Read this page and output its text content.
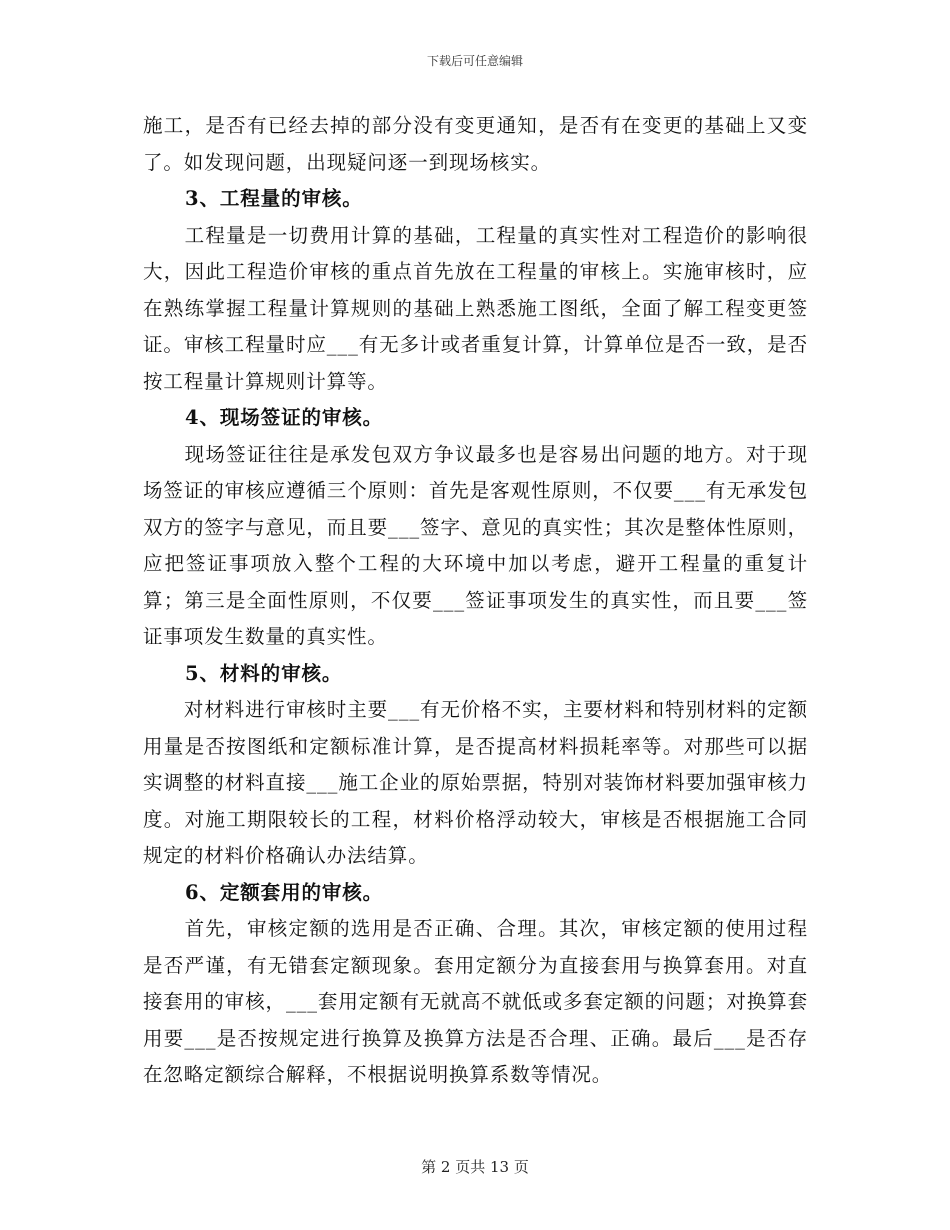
下载后可任意编辑

施工，是否有已经去掉的部分没有变更通知，是否有在变更的基础上又变了。如发现问题，出现疑问逐一到现场核实。

3、工程量的审核。

　　工程量是一切费用计算的基础，工程量的真实性对工程造价的影响很大，因此工程造价审核的重点首先放在工程量的审核上。实施审核时，应在熟练掌握工程量计算规则的基础上熟悉施工图纸，全面了解工程变更签证。审核工程量时应___有无多计或者重复计算，计算单位是否一致，是否按工程量计算规则计算等。

4、现场签证的审核。

　　现场签证往往是承发包双方争议最多也是容易出问题的地方。对于现场签证的审核应遵循三个原则：首先是客观性原则，不仅要___有无承发包双方的签字与意见，而且要___签字、意见的真实性；其次是整体性原则，应把签证事项放入整个工程的大环境中加以考虑，避开工程量的重复计算；第三是全面性原则，不仅要___签证事项发生的真实性，而且要___签证事项发生数量的真实性。

5、材料的审核。

　　对材料进行审核时主要___有无价格不实，主要材料和特别材料的定额用量是否按图纸和定额标准计算，是否提高材料损耗率等。对那些可以据实调整的材料直接___施工企业的原始票据，特别对装饰材料要加强审核力度。对施工期限较长的工程，材料价格浮动较大，审核是否根据施工合同规定的材料价格确认办法结算。

6、定额套用的审核。

　　首先，审核定额的选用是否正确、合理。其次，审核定额的使用过程是否严谨，有无错套定额现象。套用定额分为直接套用与换算套用。对直接套用的审核，___套用定额有无就高不就低或多套定额的问题；对换算套用要___是否按规定进行换算及换算方法是否合理、正确。最后___是否存在忽略定额综合解释，不根据说明换算系数等情况。

第 2 页共 13 页
